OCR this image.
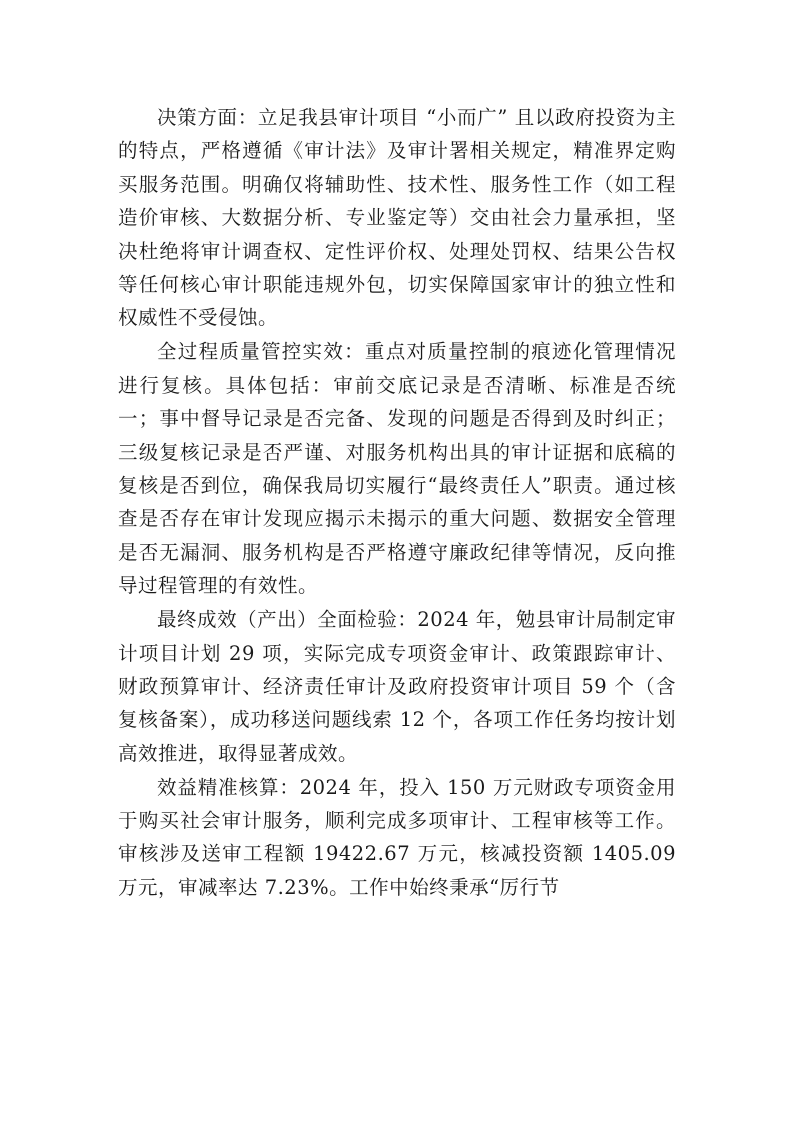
决策方面：立足我县审计项目 “小而广” 且以政府投资为主的特点，严格遵循《审计法》及审计署相关规定，精准界定购买服务范围。明确仅将辅助性、技术性、服务性工作（如工程造价审核、大数据分析、专业鉴定等）交由社会力量承担，坚决杜绝将审计调查权、定性评价权、处理处罚权、结果公告权等任何核心审计职能违规外包，切实保障国家审计的独立性和权威性不受侵蚀。

全过程质量管控实效：重点对质量控制的痕迹化管理情况进行复核。具体包括：审前交底记录是否清晰、标准是否统一；事中督导记录是否完备、发现的问题是否得到及时纠正；三级复核记录是否严谨、对服务机构出具的审计证据和底稿的复核是否到位，确保我局切实履行“最终责任人”职责。通过核查是否存在审计发现应揭示未揭示的重大问题、数据安全管理是否无漏洞、服务机构是否严格遵守廉政纪律等情况，反向推导过程管理的有效性。

最终成效（产出）全面检验：2024 年，勉县审计局制定审计项目计划 29 项，实际完成专项资金审计、政策跟踪审计、财政预算审计、经济责任审计及政府投资审计项目 59 个（含复核备案），成功移送问题线索 12 个，各项工作任务均按计划高效推进，取得显著成效。

效益精准核算：2024 年，投入 150 万元财政专项资金用于购买社会审计服务，顺利完成多项审计、工程审核等工作。审核涉及送审工程额 19422.67 万元，核减投资额 1405.09 万元，审减率达 7.23%。工作中始终秉承“厉行节
